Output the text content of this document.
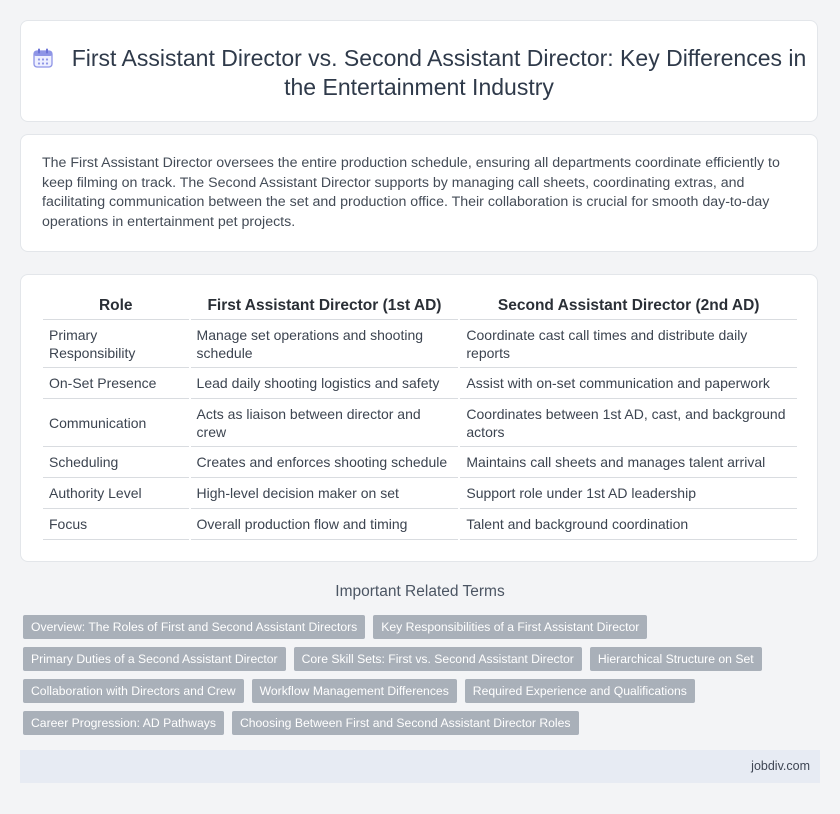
First Assistant Director vs. Second Assistant Director: Key Differences in the Entertainment Industry
The First Assistant Director oversees the entire production schedule, ensuring all departments coordinate efficiently to keep filming on track. The Second Assistant Director supports by managing call sheets, coordinating extras, and facilitating communication between the set and production office. Their collaboration is crucial for smooth day-to-day operations in entertainment pet projects.
Role	First Assistant Director (1st AD)	Second Assistant Director (2nd AD)
Primary Responsibility	Manage set operations and shooting schedule	Coordinate cast call times and distribute daily reports
On-Set Presence	Lead daily shooting logistics and safety	Assist with on-set communication and paperwork
Communication	Acts as liaison between director and crew	Coordinates between 1st AD, cast, and background actors
Scheduling	Creates and enforces shooting schedule	Maintains call sheets and manages talent arrival
Authority Level	High-level decision maker on set	Support role under 1st AD leadership
Focus	Overall production flow and timing	Talent and background coordination
Important Related Terms
Overview: The Roles of First and Second Assistant Directors	Key Responsibilities of a First Assistant Director
Primary Duties of a Second Assistant Director	Core Skill Sets: First vs. Second Assistant Director	Hierarchical Structure on Set
Collaboration with Directors and Crew	Workflow Management Differences	Required Experience and Qualifications
Career Progression: AD Pathways	Choosing Between First and Second Assistant Director Roles
jobdiv.com
